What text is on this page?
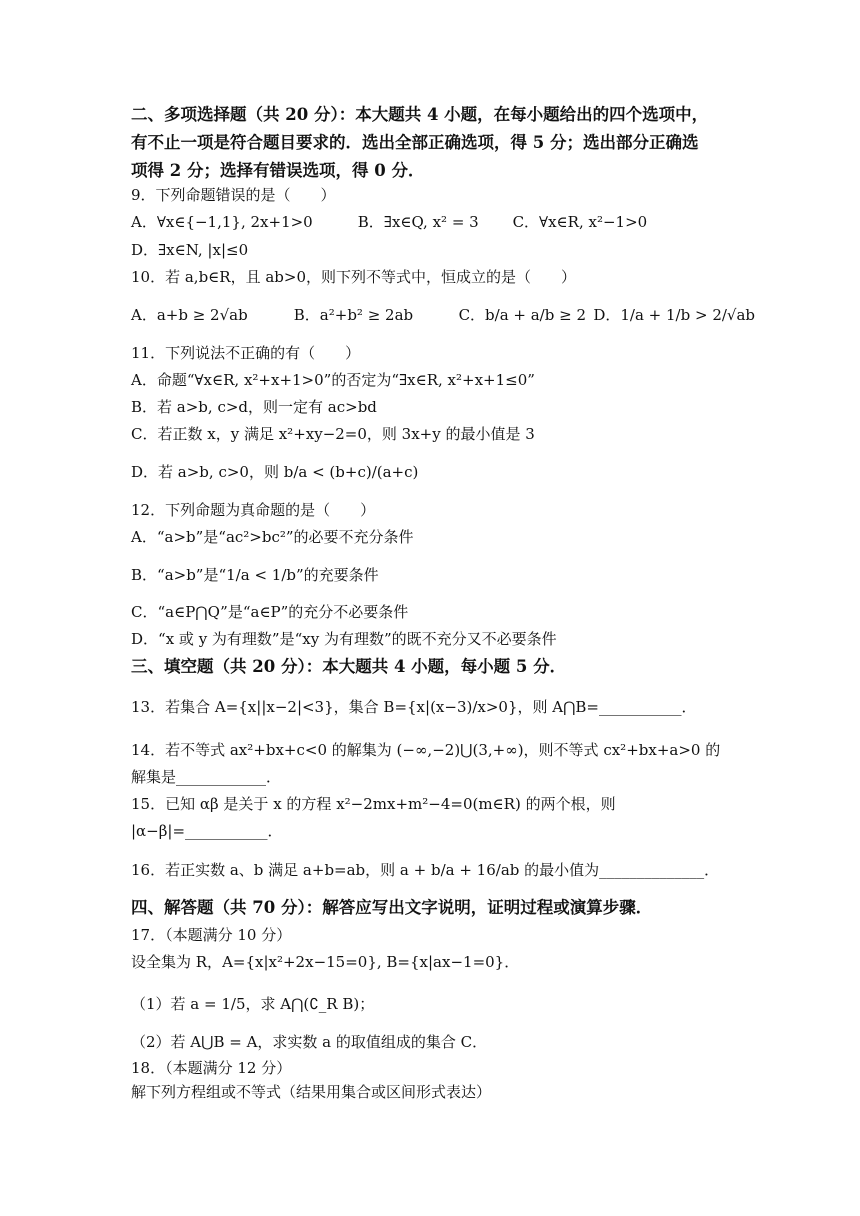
二、多项选择题（共 20 分）：本大题共 4 小题，在每小题给出的四个选项中，
有不止一项是符合题目要求的．选出全部正确选项，得 5 分；选出部分正确选
项得 2 分；选择有错误选项，得 0 分．
9．下列命题错误的是（　　）
A．∀x∈{−1,1}, 2x+1>0	B．∃x∈Q, x² = 3 C．∀x∈R, x²−1>0
D．∃x∈N, |x|≤0
10．若 a,b∈R，且 ab>0，则下列不等式中，恒成立的是（　　）
A．a+b ≥ 2√ab	B．a²+b² ≥ 2ab	C．b/a + a/b ≥ 2 D．1/a + 1/b > 2/√ab
11．下列说法不正确的有（　　）
A．命题“∀x∈R, x²+x+1>0”的否定为“∃x∈R, x²+x+1≤0”
B．若 a>b, c>d，则一定有 ac>bd
C．若正数 x，y 满足 x²+xy−2=0，则 3x+y 的最小值是 3
D．若 a>b, c>0，则 b/a < (b+c)/(a+c)
12．下列命题为真命题的是（　　）
A．“a>b”是“ac²>bc²”的必要不充分条件
B．“a>b”是“1/a < 1/b”的充要条件
C．“a∈P⋂Q”是“a∈P”的充分不必要条件
D．“x 或 y 为有理数”是“xy 为有理数”的既不充分又不必要条件
三、填空题（共 20 分）：本大题共 4 小题，每小题 5 分．
13．若集合 A={x||x−2|<3}，集合 B={x|(x−3)/x>0}，则 A⋂B=___________．
14．若不等式 ax²+bx+c<0 的解集为 (−∞,−2)⋃(3,+∞)，则不等式 cx²+bx+a>0 的
解集是____________．
15．已知 αβ 是关于 x 的方程 x²−2mx+m²−4=0(m∈R) 的两个根，则
|α−β|=___________．
16．若正实数 a、b 满足 a+b=ab，则 a + b/a + 16/ab 的最小值为______________．
四、解答题（共 70 分）：解答应写出文字说明，证明过程或演算步骤．
17．（本题满分 10 分）
设全集为 R，A={x|x²+2x−15=0}, B={x|ax−1=0}．
（1）若 a = 1/5，求 A⋂(∁_R B)；
（2）若 A⋃B = A，求实数 a 的取值组成的集合 C．
18．（本题满分 12 分）
解下列方程组或不等式（结果用集合或区间形式表达）
